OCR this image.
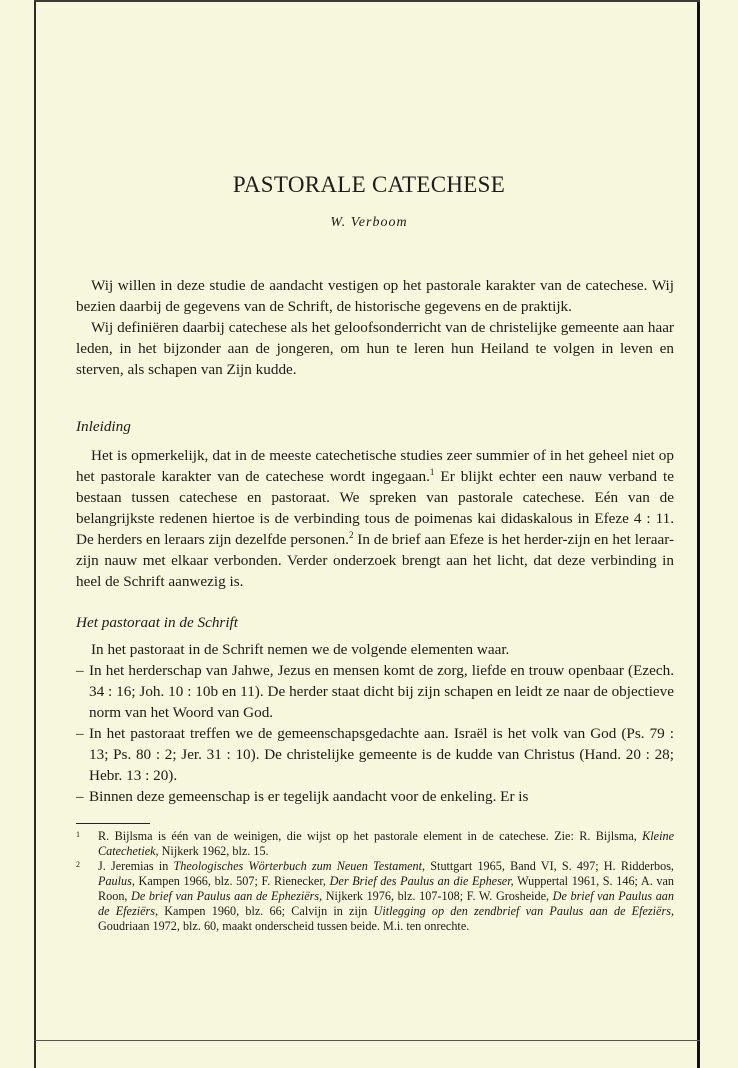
PASTORALE CATECHESE
W. Verboom

Wij willen in deze studie de aandacht vestigen op het pastorale karakter van de catechese. Wij bezien daarbij de gegevens van de Schrift, de historische gegevens en de praktijk.

Wij definiëren daarbij catechese als het geloofsonderricht van de christelijke gemeente aan haar leden, in het bijzonder aan de jongeren, om hun te leren hun Heiland te volgen in leven en sterven, als schapen van Zijn kudde.

Inleiding

Het is opmerkelijk, dat in de meeste catechetische studies zeer summier of in het geheel niet op het pastorale karakter van de catechese wordt ingegaan.$^1$ Er blijkt echter een nauw verband te bestaan tussen catechese en pastoraat. We spreken van pastorale catechese. Eén van de belangrijkste redenen hiertoe is de verbinding tous de poimenas kai didaskalous in Efeze 4 : 11. De herders en leraars zijn dezelfde personen.$^2$ In de brief aan Efeze is het herder-zijn en het leraar-zijn nauw met elkaar verbonden. Verder onderzoek brengt aan het licht, dat deze verbinding in heel de Schrift aanwezig is.

Het pastoraat in de Schrift

In het pastoraat in de Schrift nemen we de volgende elementen waar.

– In het herderschap van Jahwe, Jezus en mensen komt de zorg, liefde en trouw openbaar (Ezech. 34 : 16; Joh. 10 : 10b en 11). De herder staat dicht bij zijn schapen en leidt ze naar de objectieve norm van het Woord van God.
– In het pastoraat treffen we de gemeenschapsgedachte aan. Israël is het volk van God (Ps. 79 : 13; Ps. 80 : 2; Jer. 31 : 10). De christelijke gemeente is de kudde van Christus (Hand. 20 : 28; Hebr. 13 : 20).
– Binnen deze gemeenschap is er tegelijk aandacht voor de enkeling. Er is
1 R. Bijlsma is één van de weinigen, die wijst op het pastorale element in de catechese. Zie: R. Bijlsma, Kleine Catechetiek, Nijkerk 1962, blz. 15.
2 J. Jeremias in Theologisches Wörterbuch zum Neuen Testament, Stuttgart 1965, Band VI, S. 497; H. Ridderbos, Paulus, Kampen 1966, blz. 507; F. Rienecker, Der Brief des Paulus an die Epheser, Wuppertal 1961, S. 146; A. van Roon, De brief van Paulus aan de Epheziërs, Nijkerk 1976, blz. 107-108; F. W. Grosheide, De brief van Paulus aan de Efeziërs, Kampen 1960, blz. 66; Calvijn in zijn Uitlegging op den zendbrief van Paulus aan de Efeziërs, Goudriaan 1972, blz. 60, maakt onderscheid tussen beide. M.i. ten onrechte.
